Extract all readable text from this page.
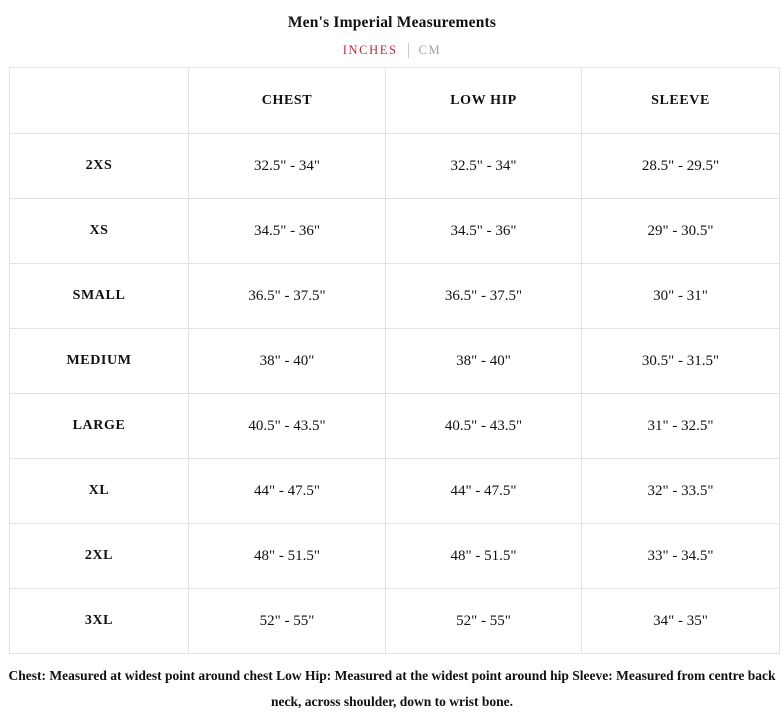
Men's Imperial Measurements
INCHES CM
	CHEST	LOW HIP	SLEEVE
2XS	32.5" - 34"	32.5" - 34"	28.5" - 29.5"
XS	34.5" - 36"	34.5" - 36"	29" - 30.5"
SMALL	36.5" - 37.5"	36.5" - 37.5"	30" - 31"
MEDIUM	38" - 40"	38" - 40"	30.5" - 31.5"
LARGE	40.5" - 43.5"	40.5" - 43.5"	31" - 32.5"
XL	44" - 47.5"	44" - 47.5"	32" - 33.5"
2XL	48" - 51.5"	48" - 51.5"	33" - 34.5"
3XL	52" - 55"	52" - 55"	34" - 35"

Chest: Measured at widest point around chest Low Hip: Measured at the widest point around hip Sleeve: Measured from centre back neck, across shoulder, down to wrist bone.
